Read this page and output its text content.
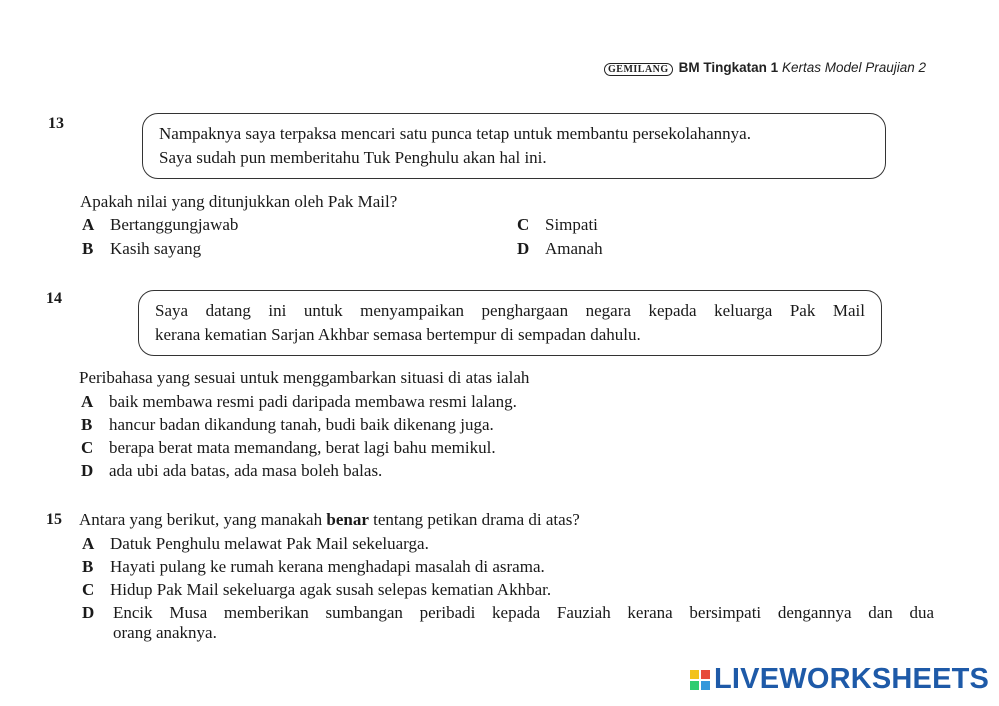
GEMILANG BM Tingkatan 1 Kertas Model Praujian 2
13
Nampaknya saya terpaksa mencari satu punca tetap untuk membantu persekolahannya.
Saya sudah pun memberitahu Tuk Penghulu akan hal ini.
Apakah nilai yang ditunjukkan oleh Pak Mail?
A Bertanggungjawab
B Kasih sayang
C Simpati
D Amanah
14
Saya datang ini untuk menyampaikan penghargaan negara kepada keluarga Pak Mail
kerana kematian Sarjan Akhbar semasa bertempur di sempadan dahulu.
Peribahasa yang sesuai untuk menggambarkan situasi di atas ialah
A baik membawa resmi padi daripada membawa resmi lalang.
B hancur badan dikandung tanah, budi baik dikenang juga.
C berapa berat mata memandang, berat lagi bahu memikul.
D ada ubi ada batas, ada masa boleh balas.
15 Antara yang berikut, yang manakah benar tentang petikan drama di atas?
A Datuk Penghulu melawat Pak Mail sekeluarga.
B Hayati pulang ke rumah kerana menghadapi masalah di asrama.
C Hidup Pak Mail sekeluarga agak susah selepas kematian Akhbar.
D	Encik Musa memberikan sumbangan peribadi kepada Fauziah kerana bersimpati dengannya dan dua
orang anaknya.
LIVEWORKSHEETS
